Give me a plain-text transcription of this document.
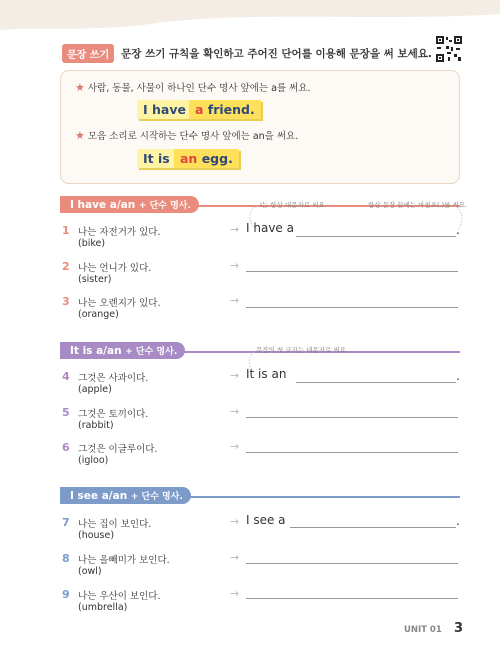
문장 쓰기	문장 쓰기 규칙을 확인하고 주어진 단어를 이용해 문장을 써 보세요.
★ 사람, 동물, 사물이 하나인 단수 명사 앞에는 a를 써요.
I have a friend.
★ 모음 소리로 시작하는 단수 명사 앞에는 an을 써요.
It is an egg.
I have a/an + 단수 명사.	I는 항상 대문자로 써요.	항상 문장 끝에는 마침표(.)를 써요.
1 나는 자전거가 있다.
(bike)
→ I have a	.
2 나는 언니가 있다.
(sister)
→
3 나는 오렌지가 있다.
(orange)
→
It is a/an + 단수 명사.	문장의 첫 글자는 대문자로 써요.
4 그것은 사과이다.
(apple)
→ It is an	.
5 그것은 토끼이다.
(rabbit)
→
6 그것은 이글루이다.
(igloo)
→
I see a/an + 단수 명사.
7 나는 집이 보인다.
(house)
→ I see a	.
8 나는 올빼미가 보인다.
(owl)
→
9 나는 우산이 보인다.
(umbrella)
→
UNIT 01 3
